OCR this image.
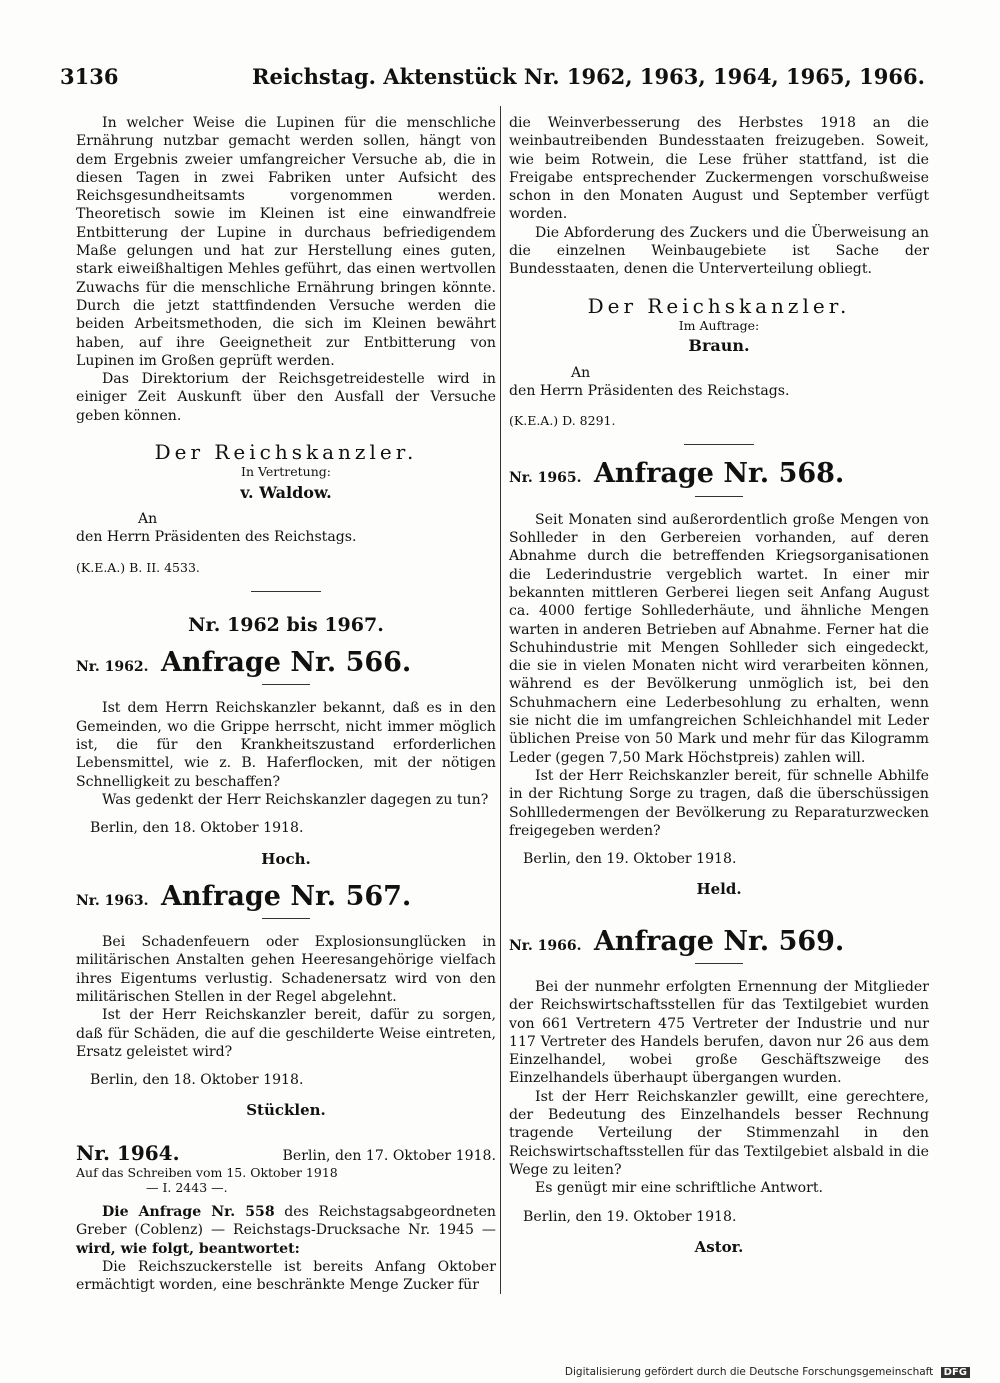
3136	Reichstag. Aktenstück Nr. 1962, 1963, 1964, 1965, 1966.

In welcher Weise die Lupinen für die menschliche Ernährung nutzbar gemacht werden sollen, hängt von dem Ergebnis zweier umfangreicher Versuche ab, die in diesen Tagen in zwei Fabriken unter Aufsicht des Reichsgesundheitsamts vorgenommen werden. Theoretisch sowie im Kleinen ist eine einwandfreie Entbitterung der Lupine in durchaus befriedigendem Maße gelungen und hat zur Herstellung eines guten, stark eiweißhaltigen Mehles geführt, das einen wertvollen Zuwachs für die menschliche Ernährung bringen könnte. Durch die jetzt stattfindenden Versuche werden die beiden Arbeitsmethoden, die sich im Kleinen bewährt haben, auf ihre Geeignetheit zur Entbitterung von Lupinen im Großen geprüft werden.

Das Direktorium der Reichsgetreidestelle wird in einiger Zeit Auskunft über den Ausfall der Versuche geben können.

Der Reichskanzler.
In Vertretung:
v. Waldow.
An
den Herrn Präsidenten des Reichstags.
(K.E.A.) B. II. 4533.
Nr. 1962 bis 1967.
Nr. 1962. Anfrage Nr. 566.

Ist dem Herrn Reichskanzler bekannt, daß es in den Gemeinden, wo die Grippe herrscht, nicht immer möglich ist, die für den Krankheitszustand erforderlichen Lebensmittel, wie z. B. Haferflocken, mit der nötigen Schnelligkeit zu beschaffen?

Was gedenkt der Herr Reichskanzler dagegen zu tun?

Berlin, den 18. Oktober 1918.
Hoch.
Nr. 1963. Anfrage Nr. 567.

Bei Schadenfeuern oder Explosionsunglücken in militärischen Anstalten gehen Heeresangehörige vielfach ihres Eigentums verlustig. Schadenersatz wird von den militärischen Stellen in der Regel abgelehnt.

Ist der Herr Reichskanzler bereit, dafür zu sorgen, daß für Schäden, die auf die geschilderte Weise eintreten, Ersatz geleistet wird?

Berlin, den 18. Oktober 1918.
Stücklen.
Nr. 1964.	Berlin, den 17. Oktober 1918.
Auf das Schreiben vom 15. Oktober 1918
— I. 2443 —.

Die Anfrage Nr. 558 des Reichstagsabgeordneten Greber (Coblenz) — Reichstags-Drucksache Nr. 1945 — wird, wie folgt, beantwortet:

Die Reichszuckerstelle ist bereits Anfang Oktober ermächtigt worden, eine beschränkte Menge Zucker für

die Weinverbesserung des Herbstes 1918 an die weinbautreibenden Bundesstaaten freizugeben. Soweit, wie beim Rotwein, die Lese früher stattfand, ist die Freigabe entsprechender Zuckermengen vorschußweise schon in den Monaten August und September verfügt worden.

Die Abforderung des Zuckers und die Überweisung an die einzelnen Weinbaugebiete ist Sache der Bundesstaaten, denen die Unterverteilung obliegt.

Der Reichskanzler.
Im Auftrage:
Braun.
An
den Herrn Präsidenten des Reichstags.
(K.E.A.) D. 8291.
Nr. 1965. Anfrage Nr. 568.

Seit Monaten sind außerordentlich große Mengen von Sohlleder in den Gerbereien vorhanden, auf deren Abnahme durch die betreffenden Kriegsorganisationen die Lederindustrie vergeblich wartet. In einer mir bekannten mittleren Gerberei liegen seit Anfang August ca. 4000 fertige Sohllederhäute, und ähnliche Mengen warten in anderen Betrieben auf Abnahme. Ferner hat die Schuhindustrie mit Mengen Sohlleder sich eingedeckt, die sie in vielen Monaten nicht wird verarbeiten können, während es der Bevölkerung unmöglich ist, bei den Schuhmachern eine Lederbesohlung zu erhalten, wenn sie nicht die im umfangreichen Schleichhandel mit Leder üblichen Preise von 50 Mark und mehr für das Kilogramm Leder (gegen 7,50 Mark Höchstpreis) zahlen will.

Ist der Herr Reichskanzler bereit, für schnelle Abhilfe in der Richtung Sorge zu tragen, daß die überschüssigen Sohllledermengen der Bevölkerung zu Reparaturzwecken freigegeben werden?

Berlin, den 19. Oktober 1918.
Held.
Nr. 1966. Anfrage Nr. 569.

Bei der nunmehr erfolgten Ernennung der Mitglieder der Reichswirtschaftsstellen für das Textilgebiet wurden von 661 Vertretern 475 Vertreter der Industrie und nur 117 Vertreter des Handels berufen, davon nur 26 aus dem Einzelhandel, wobei große Geschäftszweige des Einzelhandels überhaupt übergangen wurden.

Ist der Herr Reichskanzler gewillt, eine gerechtere, der Bedeutung des Einzelhandels besser Rechnung tragende Verteilung der Stimmenzahl in den Reichswirtschaftsstellen für das Textilgebiet alsbald in die Wege zu leiten?

Es genügt mir eine schriftliche Antwort.

Berlin, den 19. Oktober 1918.
Astor.
Digitalisierung gefördert durch die Deutsche Forschungsgemeinschaft DFG
